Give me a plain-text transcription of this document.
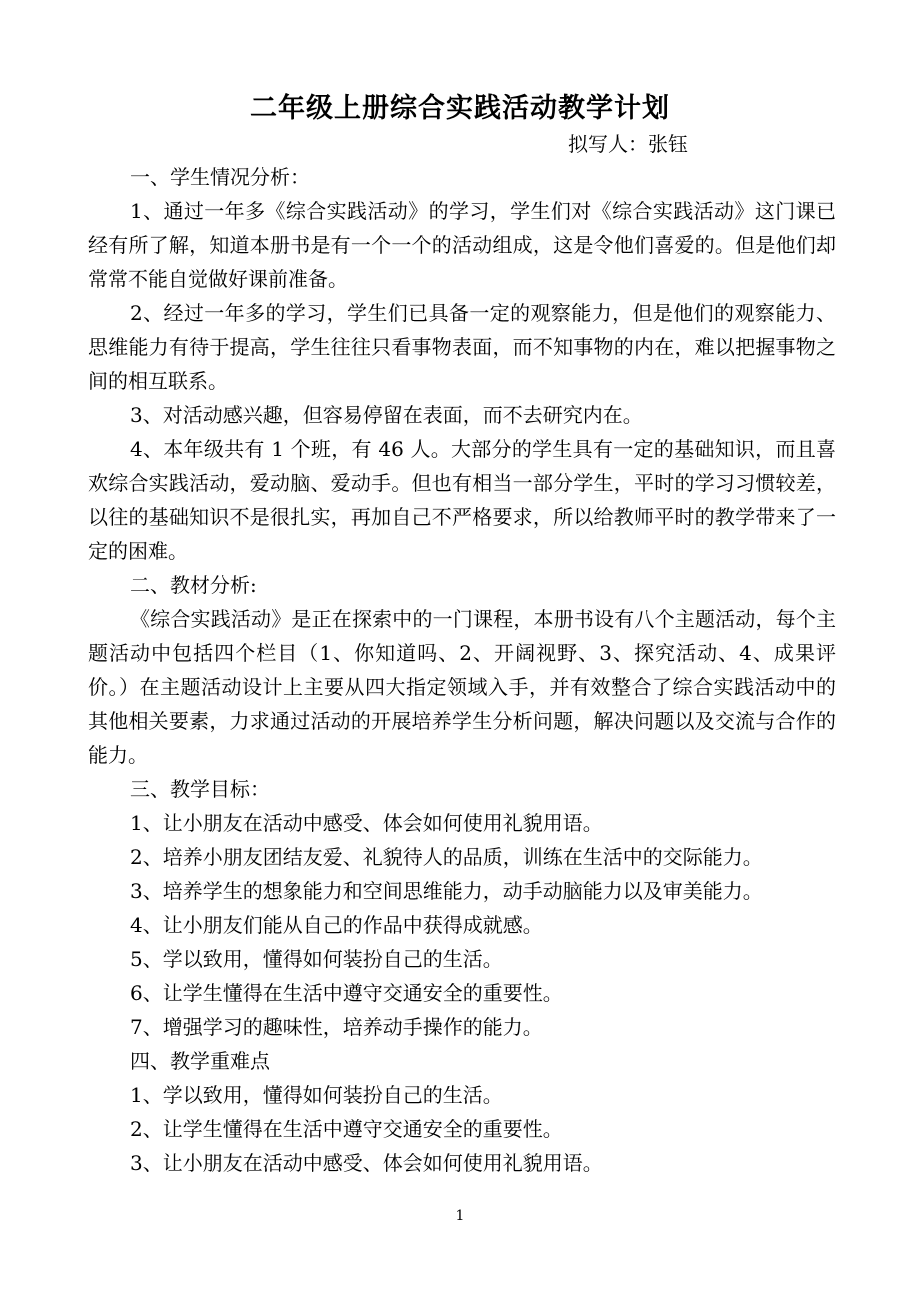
二年级上册综合实践活动教学计划
拟写人：张钰

一、学生情况分析：

1、通过一年多《综合实践活动》的学习，学生们对《综合实践活动》这门课已经有所了解，知道本册书是有一个一个的活动组成，这是令他们喜爱的。但是他们却常常不能自觉做好课前准备。

2、经过一年多的学习，学生们已具备一定的观察能力，但是他们的观察能力、思维能力有待于提高，学生往往只看事物表面，而不知事物的内在，难以把握事物之间的相互联系。

3、对活动感兴趣，但容易停留在表面，而不去研究内在。

4、本年级共有 1 个班，有 46 人。大部分的学生具有一定的基础知识，而且喜欢综合实践活动，爱动脑、爱动手。但也有相当一部分学生，平时的学习习惯较差，以往的基础知识不是很扎实，再加自己不严格要求，所以给教师平时的教学带来了一定的困难。

二、教材分析:

《综合实践活动》是正在探索中的一门课程，本册书设有八个主题活动，每个主题活动中包括四个栏目（1、你知道吗、2、开阔视野、3、探究活动、4、成果评价。）在主题活动设计上主要从四大指定领域入手，并有效整合了综合实践活动中的其他相关要素，力求通过活动的开展培养学生分析问题，解决问题以及交流与合作的能力。

三、教学目标：

1、让小朋友在活动中感受、体会如何使用礼貌用语。

2、培养小朋友团结友爱、礼貌待人的品质，训练在生活中的交际能力。

3、培养学生的想象能力和空间思维能力，动手动脑能力以及审美能力。

4、让小朋友们能从自己的作品中获得成就感。

5、学以致用，懂得如何装扮自己的生活。

6、让学生懂得在生活中遵守交通安全的重要性。

7、增强学习的趣味性，培养动手操作的能力。

四、教学重难点

1、学以致用，懂得如何装扮自己的生活。

2、让学生懂得在生活中遵守交通安全的重要性。

3、让小朋友在活动中感受、体会如何使用礼貌用语。

1
